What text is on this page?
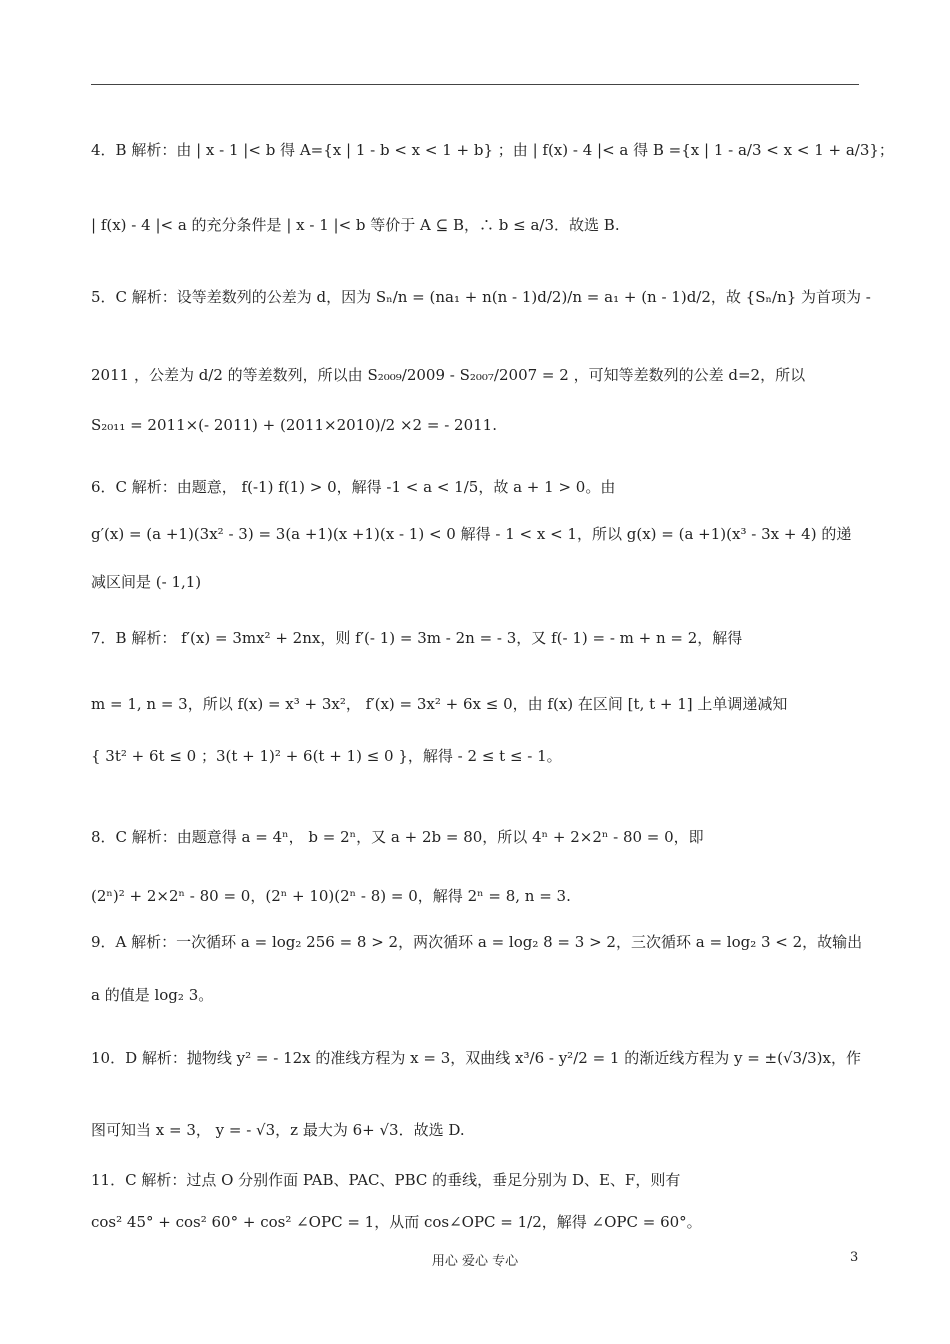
4．B 解析：由 | x - 1 |< b 得 A={x | 1 - b < x < 1 + b} ；由 | f(x) - 4 |< a 得 B ={x | 1 - a/3 < x < 1 + a/3}；
| f(x) - 4 |< a 的充分条件是 | x - 1 |< b 等价于 A ⊆ B，∴ b ≤ a/3．故选 B.
5．C 解析：设等差数列的公差为 d，因为 Sₙ/n = (na₁ + n(n - 1)d/2)/n = a₁ + (n - 1)d/2，故 {Sₙ/n} 为首项为 -
2011 ，公差为 d/2 的等差数列，所以由 S₂₀₀₉/2009 - S₂₀₀₇/2007 = 2 ，可知等差数列的公差 d=2，所以
S₂₀₁₁ = 2011×(- 2011) + (2011×2010)/2 ×2 = - 2011.
6．C 解析：由题意， f(-1) f(1) > 0，解得 -1 < a < 1/5，故 a + 1 > 0。由
g′(x) = (a +1)(3x² - 3) = 3(a +1)(x +1)(x - 1) < 0 解得 - 1 < x < 1，所以 g(x) = (a +1)(x³ - 3x + 4) 的递
减区间是 (- 1,1)
7．B 解析： f′(x) = 3mx² + 2nx，则 f′(- 1) = 3m - 2n = - 3，又 f(- 1) = - m + n = 2，解得
m = 1, n = 3，所以 f(x) = x³ + 3x²， f′(x) = 3x² + 6x ≤ 0，由 f(x) 在区间 [t, t + 1] 上单调递减知
{ 3t² + 6t ≤ 0 ；3(t + 1)² + 6(t + 1) ≤ 0 }，解得 - 2 ≤ t ≤ - 1。
8．C 解析：由题意得 a = 4ⁿ， b = 2ⁿ，又 a + 2b = 80，所以 4ⁿ + 2×2ⁿ - 80 = 0，即
(2ⁿ)² + 2×2ⁿ - 80 = 0，(2ⁿ + 10)(2ⁿ - 8) = 0，解得 2ⁿ = 8, n = 3.
9．A 解析：一次循环 a = log₂ 256 = 8 > 2，两次循环 a = log₂ 8 = 3 > 2，三次循环 a = log₂ 3 < 2，故输出
a 的值是 log₂ 3。
10．D 解析：抛物线 y² = - 12x 的准线方程为 x = 3，双曲线 x³/6 - y²/2 = 1 的渐近线方程为 y = ±(√3/3)x，作
图可知当 x = 3， y = - √3，z 最大为 6+ √3．故选 D.
11．C 解析：过点 O 分别作面 PAB、PAC、PBC 的垂线，垂足分别为 D、E、F，则有
cos² 45° + cos² 60° + cos² ∠OPC = 1，从而 cos∠OPC = 1/2，解得 ∠OPC = 60°。
用心 爱心 专心	3
